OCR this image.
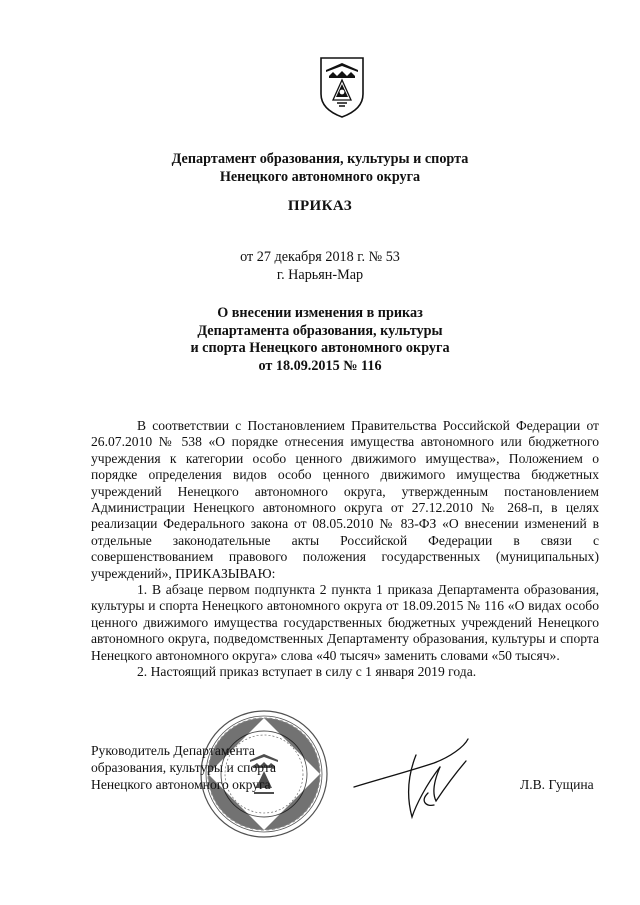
Департамент образования, культуры и спорта
Ненецкого автономного округа
ПРИКАЗ
от 27 декабря 2018 г. № 53
г. Нарьян-Мар
О внесении изменения в приказ
Департамента образования, культуры
и спорта Ненецкого автономного округа
от 18.09.2015 № 116

В соответствии с Постановлением Правительства Российской Федерации от 26.07.2010 № 538 «О порядке отнесения имущества автономного или бюджетного учреждения к категории особо ценного движимого имущества», Положением о порядке определения видов особо ценного движимого имущества бюджетных учреждений Ненецкого автономного округа, утвержденным постановлением Администрации Ненецкого автономного округа от 27.12.2010 № 268-п, в целях реализации Федерального закона от 08.05.2010 № 83-ФЗ «О внесении изменений в отдельные законодательные акты Российской Федерации в связи с совершенствованием правового положения государственных (муниципальных) учреждений», ПРИКАЗЫВАЮ:

1. В абзаце первом подпункта 2 пункта 1 приказа Департамента образования, культуры и спорта Ненецкого автономного округа от 18.09.2015 № 116 «О видах особо ценного движимого имущества государственных бюджетных учреждений Ненецкого автономного округа, подведомственных Департаменту образования, культуры и спорта Ненецкого автономного округа» слова «40 тысяч» заменить словами «50 тысяч».

2. Настоящий приказ вступает в силу с 1 января 2019 года.

Руководитель Департамента
образования, культуры и спорта
Ненецкого автономного округа	Л.В. Гущина
